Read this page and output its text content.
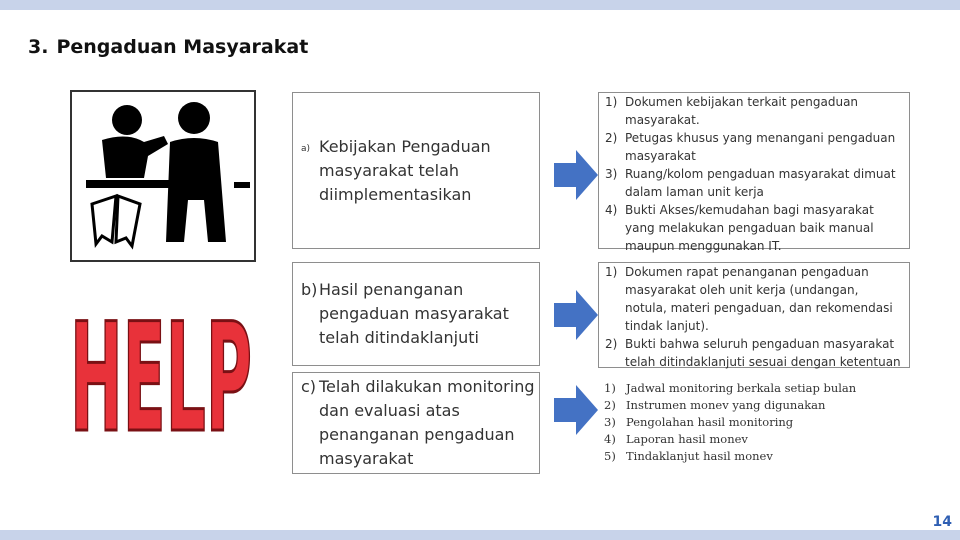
3. Pengaduan Masyarakat
HELP
a) Kebijakan Pengaduan masyarakat telah diimplementasikan
1) Dokumen kebijakan terkait pengaduan masyarakat.
2) Petugas khusus yang menangani pengaduan masyarakat
3) Ruang/kolom pengaduan masyarakat dimuat dalam laman unit kerja
4) Bukti Akses/kemudahan bagi masyarakat yang melakukan pengaduan baik manual maupun menggunakan IT.
b) Hasil penanganan pengaduan masyarakat telah ditindaklanjuti
1) Dokumen rapat penanganan pengaduan masyarakat oleh unit kerja (undangan, notula, materi pengaduan, dan rekomendasi tindak lanjut).
2) Bukti bahwa seluruh pengaduan masyarakat telah ditindaklanjuti sesuai dengan ketentuan
c) Telah dilakukan monitoring dan evaluasi atas penanganan pengaduan masyarakat
1) Jadwal monitoring berkala setiap bulan
2) Instrumen monev yang digunakan
3) Pengolahan hasil monitoring
4) Laporan hasil monev
5) Tindaklanjut hasil monev
14
